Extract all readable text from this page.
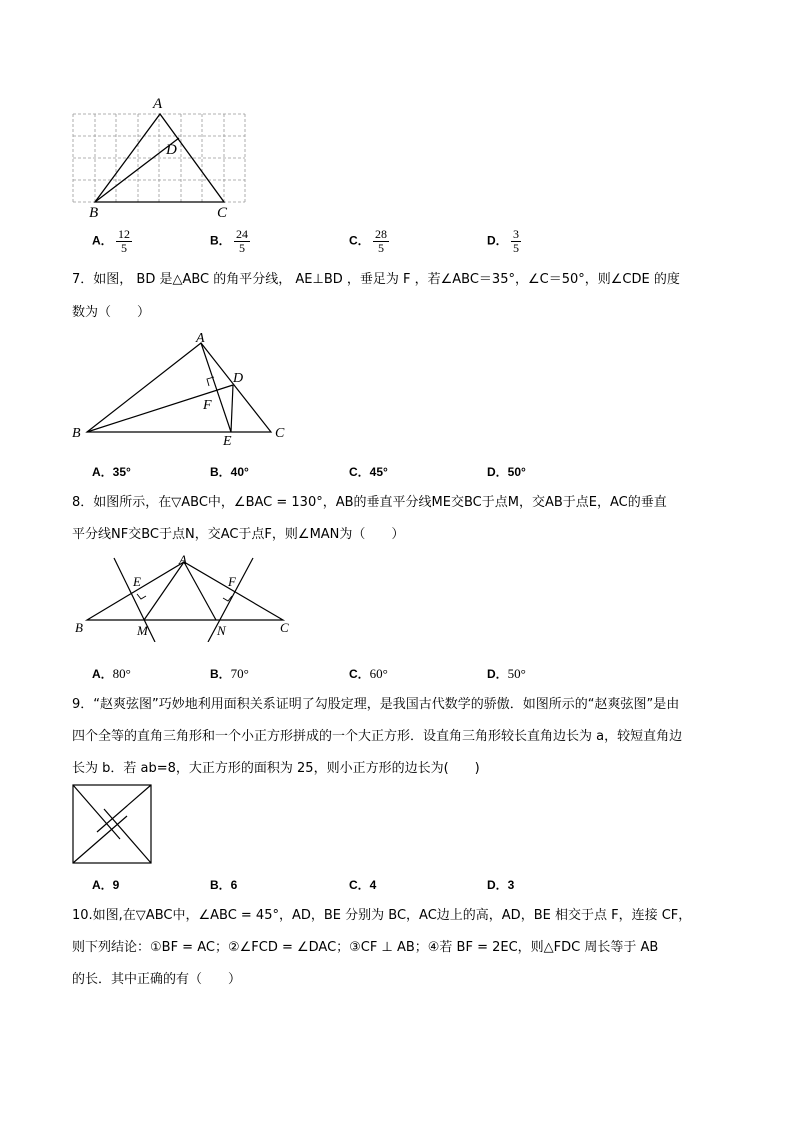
A
D
B	C
A． $\frac{12}{5}$	B． $\frac{24}{5}$	C． $\frac{28}{5}$	D． $\frac{3}{5}$
7．如图， BD 是△ABC 的角平分线， AE⊥BD ，垂足为 F ，若∠ABC＝35°，∠C＝50°，则∠CDE 的度
数为（　　）
A
D
F
B
E
C
A．35°	B．40°	C．45°	D．50°
8．如图所示，在▽ABC中，∠BAC = 130°，AB的垂直平分线ME交BC于点M，交AB于点E，AC的垂直
平分线NF交BC于点N，交AC于点F，则∠MAN为（　　）
A
E	F
B	M	N	C
A．80°	B．70°	C．60°	D．50°
9．“赵爽弦图”巧妙地利用面积关系证明了勾股定理，是我国古代数学的骄傲．如图所示的“赵爽弦图”是由
四个全等的直角三角形和一个小正方形拼成的一个大正方形．设直角三角形较长直角边长为 a，较短直角边
长为 b．若 ab=8，大正方形的面积为 25，则小正方形的边长为(　　)
A．9	B．6	C．4	D．3
10.如图,在▽ABC中，∠ABC = 45°，AD，BE 分别为 BC，AC边上的高，AD，BE 相交于点 F，连接 CF，
则下列结论：①BF = AC；②∠FCD = ∠DAC；③CF ⊥ AB；④若 BF = 2EC，则△FDC 周长等于 AB
的长．其中正确的有（　　）
